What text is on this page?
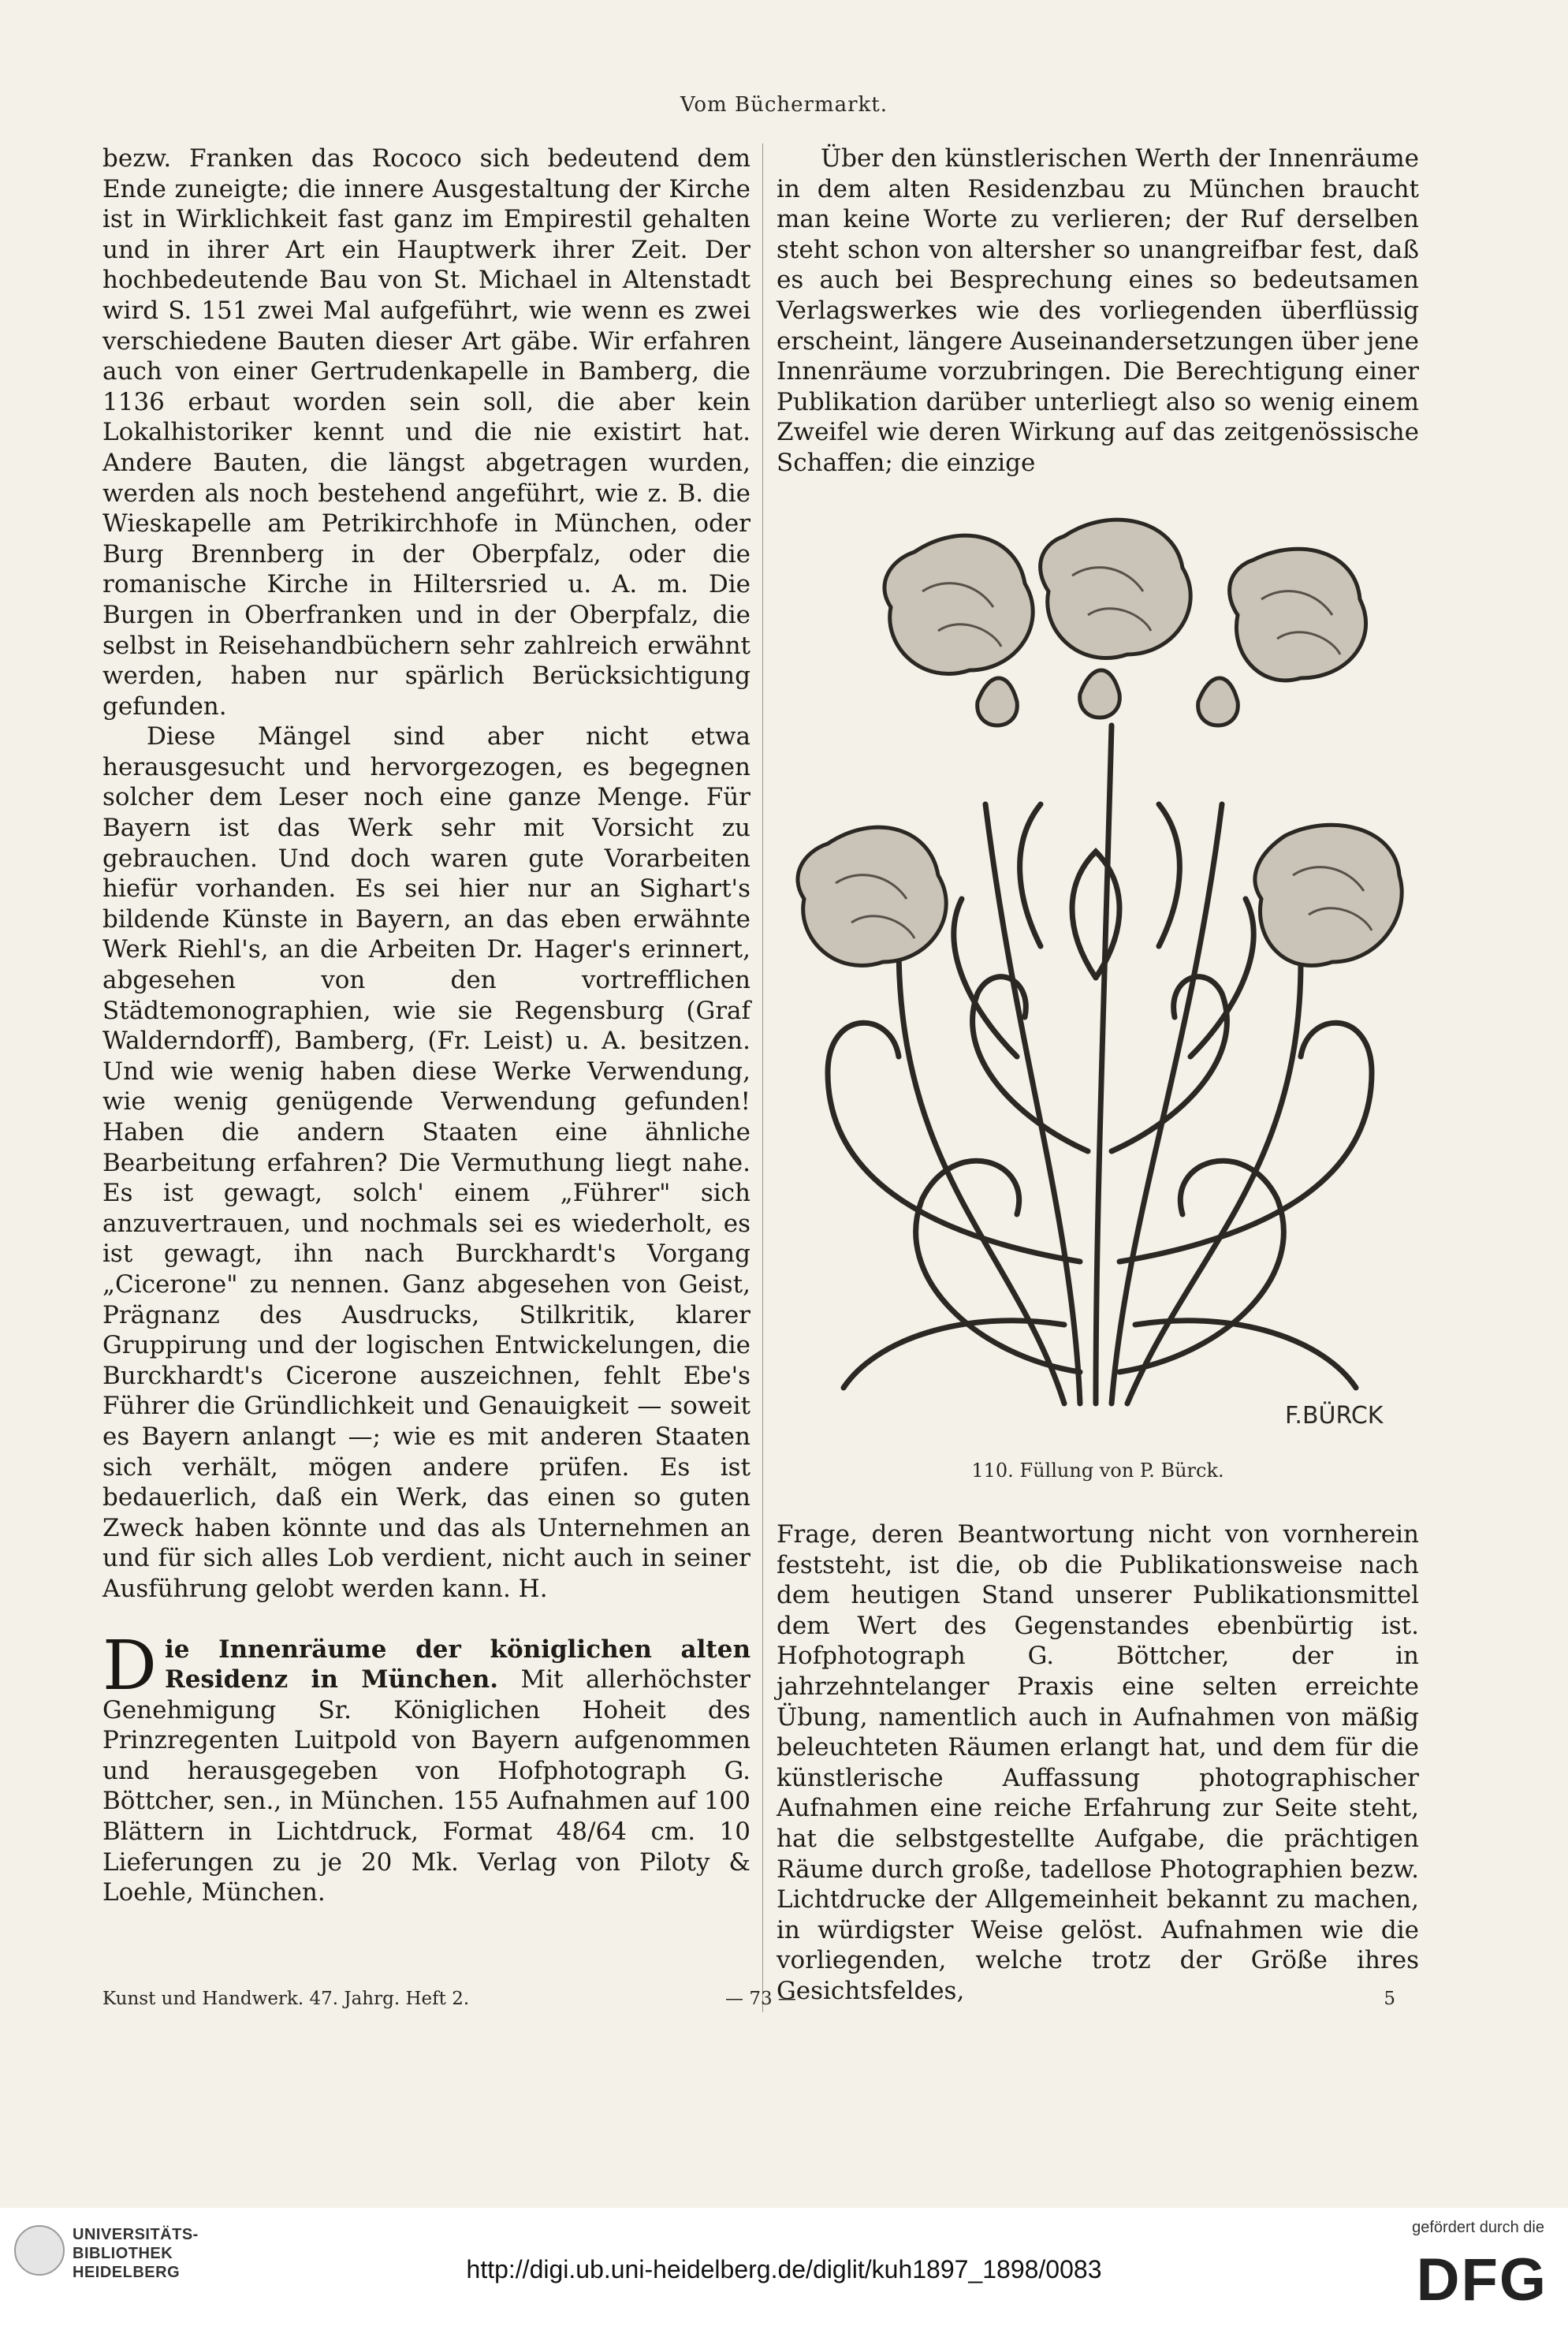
Vom Büchermarkt.

bezw. Franken das Rococo sich bedeutend dem Ende zuneigte; die innere Ausgestaltung der Kirche ist in Wirklichkeit fast ganz im Empirestil gehalten und in ihrer Art ein Hauptwerk ihrer Zeit. Der hochbedeutende Bau von St. Michael in Altenstadt wird S. 151 zwei Mal aufgeführt, wie wenn es zwei verschiedene Bauten dieser Art gäbe. Wir erfahren auch von einer Gertrudenkapelle in Bamberg, die 1136 erbaut worden sein soll, die aber kein Lokalhistoriker kennt und die nie existirt hat. Andere Bauten, die längst abgetragen wurden, werden als noch bestehend angeführt, wie z. B. die Wieskapelle am Petrikirchhofe in München, oder Burg Brennberg in der Oberpfalz, oder die romanische Kirche in Hiltersried u. A. m. Die Burgen in Oberfranken und in der Oberpfalz, die selbst in Reisehandbüchern sehr zahlreich erwähnt werden, haben nur spärlich Berücksichtigung gefunden.

Diese Mängel sind aber nicht etwa herausgesucht und hervorgezogen, es begegnen solcher dem Leser noch eine ganze Menge. Für Bayern ist das Werk sehr mit Vorsicht zu gebrauchen. Und doch waren gute Vorarbeiten hiefür vorhanden. Es sei hier nur an Sighart's bildende Künste in Bayern, an das eben erwähnte Werk Riehl's, an die Arbeiten Dr. Hager's erinnert, abgesehen von den vortrefflichen Städtemonographien, wie sie Regensburg (Graf Walderndorff), Bamberg, (Fr. Leist) u. A. besitzen. Und wie wenig haben diese Werke Verwendung, wie wenig genügende Verwendung gefunden! Haben die andern Staaten eine ähnliche Bearbeitung erfahren? Die Vermuthung liegt nahe. Es ist gewagt, solch' einem „Führer" sich anzuvertrauen, und nochmals sei es wiederholt, es ist gewagt, ihn nach Burckhardt's Vorgang „Cicerone" zu nennen. Ganz abgesehen von Geist, Prägnanz des Ausdrucks, Stilkritik, klarer Gruppirung und der logischen Entwickelungen, die Burckhardt's Cicerone auszeichnen, fehlt Ebe's Führer die Gründlichkeit und Genauigkeit — soweit es Bayern anlangt —; wie es mit anderen Staaten sich verhält, mögen andere prüfen. Es ist bedauerlich, daß ein Werk, das einen so guten Zweck haben könnte und das als Unternehmen an und für sich alles Lob verdient, nicht auch in seiner Ausführung gelobt werden kann. H.

D ie Innenräume der königlichen alten Residenz in München. Mit allerhöchster Genehmigung Sr. Königlichen Hoheit des Prinzregenten Luitpold von Bayern aufgenommen und herausgegeben von Hofphotograph G. Böttcher, sen., in München. 155 Aufnahmen auf 100 Blättern in Lichtdruck, Format 48/64 cm. 10 Lieferungen zu je 20 Mk. Verlag von Piloty & Loehle, München.

Über den künstlerischen Werth der Innenräume in dem alten Residenzbau zu München braucht man keine Worte zu verlieren; der Ruf derselben steht schon von altersher so unangreifbar fest, daß es auch bei Besprechung eines so bedeutsamen Verlagswerkes wie des vorliegenden überflüssig erscheint, längere Auseinandersetzungen über jene Innenräume vorzubringen. Die Berechtigung einer Publikation darüber unterliegt also so wenig einem Zweifel wie deren Wirkung auf das zeitgenössische Schaffen; die einzige

F.BÜRCK
110. Füllung von P. Bürck.

Frage, deren Beantwortung nicht von vornherein feststeht, ist die, ob die Publikationsweise nach dem heutigen Stand unserer Publikationsmittel dem Wert des Gegenstandes ebenbürtig ist. Hofphotograph G. Böttcher, der in jahrzehntelanger Praxis eine selten erreichte Übung, namentlich auch in Aufnahmen von mäßig beleuchteten Räumen erlangt hat, und dem für die künstlerische Auffassung photographischer Aufnahmen eine reiche Erfahrung zur Seite steht, hat die selbstgestellte Aufgabe, die prächtigen Räume durch große, tadellose Photographien bezw. Lichtdrucke der Allgemeinheit bekannt zu machen, in würdigster Weise gelöst. Aufnahmen wie die vorliegenden, welche trotz der Größe ihres Gesichtsfeldes,

Kunst und Handwerk. 47. Jahrg. Heft 2.	— 73 —	5
UNIVERSITÄTS-
BIBLIOTHEK
HEIDELBERG	http://digi.ub.uni-heidelberg.de/diglit/kuh1897_1898/0083
gefördert durch die
DFG
